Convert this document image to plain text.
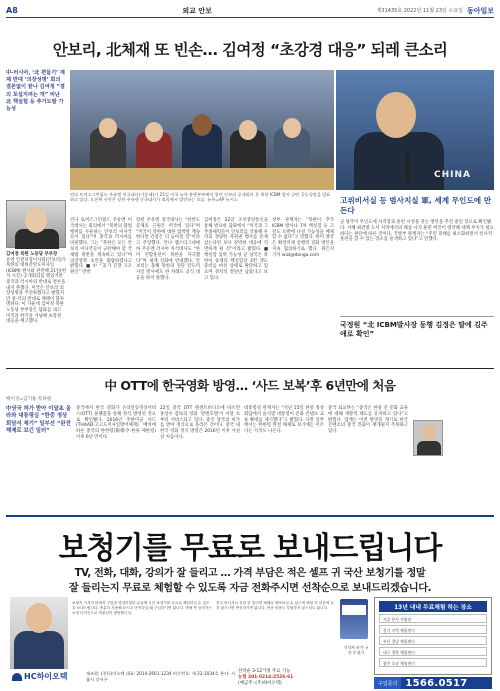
A8	외교 안보	제31435호 2022년 11월 23일 수요일 동아일보
안보리, 北체재 또 빈손… 김여정 “초강경 대응” 되레 큰소리
中-러시아, ‘北 편들기’ 계제 반대 ‘의장성명’ 회의 결론없이 끝나 김여정 “결의 포섭지려는 개” 비난 北 핵실험 등 추가도발 가능성
CHINA
린다 토머스그린필드 주유엔 미국대사(가운데)가 21일 미국 뉴욕 유엔본부에서 열린 안보리 공개회의 후 북한 ICBM 발사 규탄 공동성명을 발표하고 있다. 오른쪽 사진은 장쥔 주유엔 중국대사가 회의에서 발언하는 모습. 뉴욕=AP 뉴시스
김여정 북한 노동당 부부장
유엔 안전보장이사회(안보리)가 북한의 대륙간탄도미사일(ICBM) 발사와 관련해 21일(현지 시간) 공개회의를 열었지만 중국과 러시아의 반대로 결론을 내지 못했다. 미국은 안보리 의장성명을 추진하겠다고 밝혔지만 중-러의 반대로 채택이 불투명하다. 이 가운데 김여정 북한 노동당 부부장은 담화를 내고 미국과 한국을 겨냥해 초강경 대응을 예고했다.
린다 토머스그린필드 주유엔 미국대사는 회의에서 “북한의 불법 행위를 두둔하는 안보리 이사국들이 있다”며 중국과 러시아를 비판했다. 그는 “북한은 모든 안보리 이사국들이 규탄해야 할 국제법 위반을 계속하고 있다”며 의장성명 초안을 회람하겠다고 밝혔다. ■ 中 “美가 긴장 고조 원인” 반박
장쥔 주유엔 중국대사는 “한반도 문제의 근원은 미국에 있다”며 “미국이 북한에 대한 압박만 계속한다면 긴장은 더 높아질 것”이라고 주장했다. 안나 옙스티그네예바 주유엔 러시아 차석대사도 “한미 연합훈련이 북한을 자극했다”며 제재 강화에 반대했다. 안보리는 올해 북한의 잇단 탄도미사일 발사에도 한 차례도 공식 대응을 하지 못했다.
김여정은 22일 조선중앙통신을 통해 발표한 담화에서 “미국과 그 추종세력들이 안보리를 악용해 우리의 정당한 자위권 행사를 문제 삼는다면 보다 강력한 대응에 직면하게 될 것”이라고 밝혔다. ■ 핵실험 임박 가능성 군 당국은 북한이 풍계리 핵실험장 3번 갱도 준비를 마친 상태로 판단하고 있으며 정치적 결단만 남았다고 보고 있다.
정부 관계자는 “북한이 추가 ICBM 발사나 7차 핵실험 등 고강도 도발에 나설 가능성을 배제할 수 없다”고 말했다. 한미 양국은 확장억제 실행력 강화 방안을 지속 협의하기로 했다. 위은지 기자 wizi@donga.com
고위비서실 등 범사지실 軍, 세계 무인도에 만든다
군 당국이 무인도에 사격장과 훈련 시설을 짓는 방안을 추진 중인 것으로 확인됐다. 서해 최전방 도서 지역에서의 해상 사격 훈련 여건이 열악해 대체 부지가 필요하다는 판단에 따른 것이다. 국방부 관계자는 “주민 피해를 최소화하면서 실사격 훈련을 할 수 있는 장소를 물색하고 있다”고 말했다.
국정원 “北 ICBM발사장 동행 김정은 딸에 김주애로 확인”
中 OTT에 한국영화 방영… ‘사드 보복’후 6년만에 처음
베이징=김기용 특파원
中당국 허가 받아 이달초 올라와 대통령실 “한중 정상회담서 제기” 일부선 “완전해제로 보긴 일러”
중국에서 한국 영화가 온라인동영상서비스(OTT) 플랫폼을 통해 정식 방영된 것으로 확인됐다. 2016년 주한미군 사드(THAAD·고고도미사일방어체계) 배치에 따른 중국의 한한령(限韓令·한류 제한령) 이후 6년 만이다.
22일 중국 OTT 텐센트비디오에 따르면 홍상수 감독의 영화 ‘강변호텔’이 이달 초부터 서비스되고 있다. 중국 당국의 허가를 받아 정식으로 올라온 것이다. 중국 내 한국 영화 정식 방영은 2016년 이후 사실상 처음이다.
대통령실 관계자는 “지난 15일 한중 정상회담에서 윤석열 대통령이 문화 콘텐츠 교류 확대를 제기했다”고 밝혔다. 다만 일부에서는 한한령 완전 해제로 보기에는 이르다는 지적도 나온다.
중국 외교부는 “중국은 한중 간 문화 교류에 대해 개방적 태도를 유지하고 있다”고 밝혔다. 업계는 이번 방영을 계기로 한국 콘텐츠의 중국 진출이 재개될지 주목하고 있다.
보청기를 무료로 보내드립니다
TV, 전화, 대화, 강의가 잘 들리고 … 가격 부담은 적은 셀프 귀 국산 보청기를 정말
잘 들리는지 무료로 체험할 수 있도록 자금 전화주시면 선착순으로 보내드리겠습니다.
보청기 가격이 비싸서 구입을 망설이셨던 분들께 국산 보청기를 무료로 체험하실 수 있도록 보내드립니다. 충분히 사용해 보시고 만족하실 때 구입하시면 됩니다. 귀에 쏙 들어가는 소형 디자인으로 착용감이 편안합니다.
전국 어디서나 전화 한 통이면 택배로 받아보실 수 있으며 체험 후 마음에 들지 않으시면 반송하시면 됩니다. 반송 비용도 부담하지 않으셔도 됩니다.
HC하이오텍	제조원: (주)하이오텍 대표: 2014-2601-1234 허가번호: 제 22-1034호 본사: 서울시 강서구
식약처 허가 국산 보청기
13년 내내 무료체험 하는 장소
서울 본사 직영점
경기 지역 체험센터
부산 경남 체험센터
대구 경북 체험센터
광주 호남 체험센터
선착순 3-12가정 무료 기능
농협 301-0214-2526-61
(예금주: (주)하이오텍)	구입문의 1566.0517
